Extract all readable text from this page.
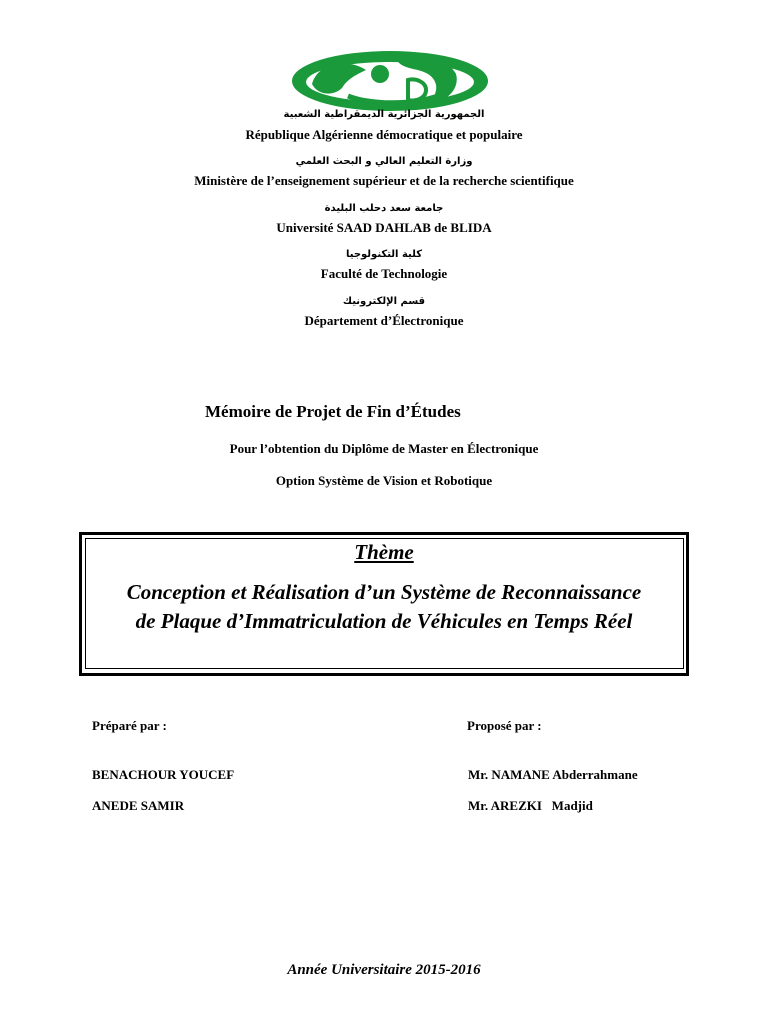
الجمهورية الجزائرية الديمقراطية الشعبية
République Algérienne démocratique et populaire
وزارة التعليم العالي و البحث العلمي
Ministère de l’enseignement supérieur et de la recherche scientifique
جامعة سعد دحلب البليدة
Université SAAD DAHLAB de BLIDA
كلية التكنولوجيا
Faculté de Technologie
قسم الإلكترونيك
Département d’Électronique
Mémoire de Projet de Fin d’Études
Pour l’obtention du Diplôme de Master en Électronique
Option Système de Vision et Robotique
Thème
Conception et Réalisation d’un Système de Reconnaissance
de Plaque d’Immatriculation de Véhicules en Temps Réel
Préparé par :	Proposé par :
BENACHOUR YOUCEF
ANEDE SAMIR
Mr. NAMANE Abderrahmane
Mr. AREZKI   Madjid
Année Universitaire 2015-2016
